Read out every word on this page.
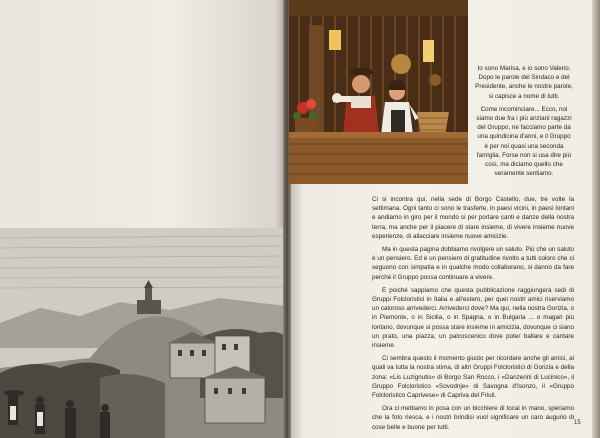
Io sono Marisa, e io sono Valerio. Dopo le parole del Sindaco e del Presidente, anche le nostre parole, si capisce a nome di tutti.

Come incominciare... Ecco, noi siamo due fra i più anziani ragazzi del Gruppo, ne facciamo parte da una quindicina d'anni, e il Gruppo è per noi quasi una seconda famiglia. Forse non si usa dire più così, ma diciamo quello che veramente sentiamo.

Ci si incontra qui, nella sede di Borgo Castello, due, tre volte la settimana. Ogni tanto ci sono le trasferte, in paesi vicini, in paesi lontani e andiamo in giro per il mondo si per portare canti e danze della nostra terra, ma anche per il piacere di stare insieme, di vivere insieme nuove esperienze, di allacciare insieme nuove amicizie.

Ma in questa pagina dobbiamo rivolgere un saluto. Più che un saluto è un pensiero. Ed è un pensiero di gratitudine rivolto a tutti coloro che ci seguono con simpatia e in qualche modo collaborano, si danno da fare perché il Gruppo possa continuare a vivere.

E poiché sappiamo che questa pubblicazione raggiungerà sedi di Gruppi Folcloristici in Italia e all'estero, per quei nostri amici riserviamo un caloroso arrivederci. Arrivederci dove? Ma qui, nella nostra Gorizia, o in Piemonte, o in Sicilia, o in Spagna, o in Bulgaria ... o magari più lontano, dovunque si possa stare insieme in amicizia, dovunque ci siano un prato, una piazza, un palcoscenico dove poter ballare e cantare insieme.

Ci sembra questo il momento giusto per ricordare anche gli amici, ai quali va tutta la nostra stima, di altri Gruppi Folcloristici di Gorizia e della zona: «Lis Luzignutis» di Borgo San Rocco, i «Danzerini di Lucinico», il Gruppo Folcloristico «Sovodnje» di Savogna d'Isonzo, il «Gruppo Folcloristico Caprivese» di Capriva del Friuli.

Ora ci mettiamo in posa con un bicchiere di tocai in mano, speriamo che la foto riesca, e i nostri brindisi vuol significare un caro augurio di cose belle e buone per tutti.

15
